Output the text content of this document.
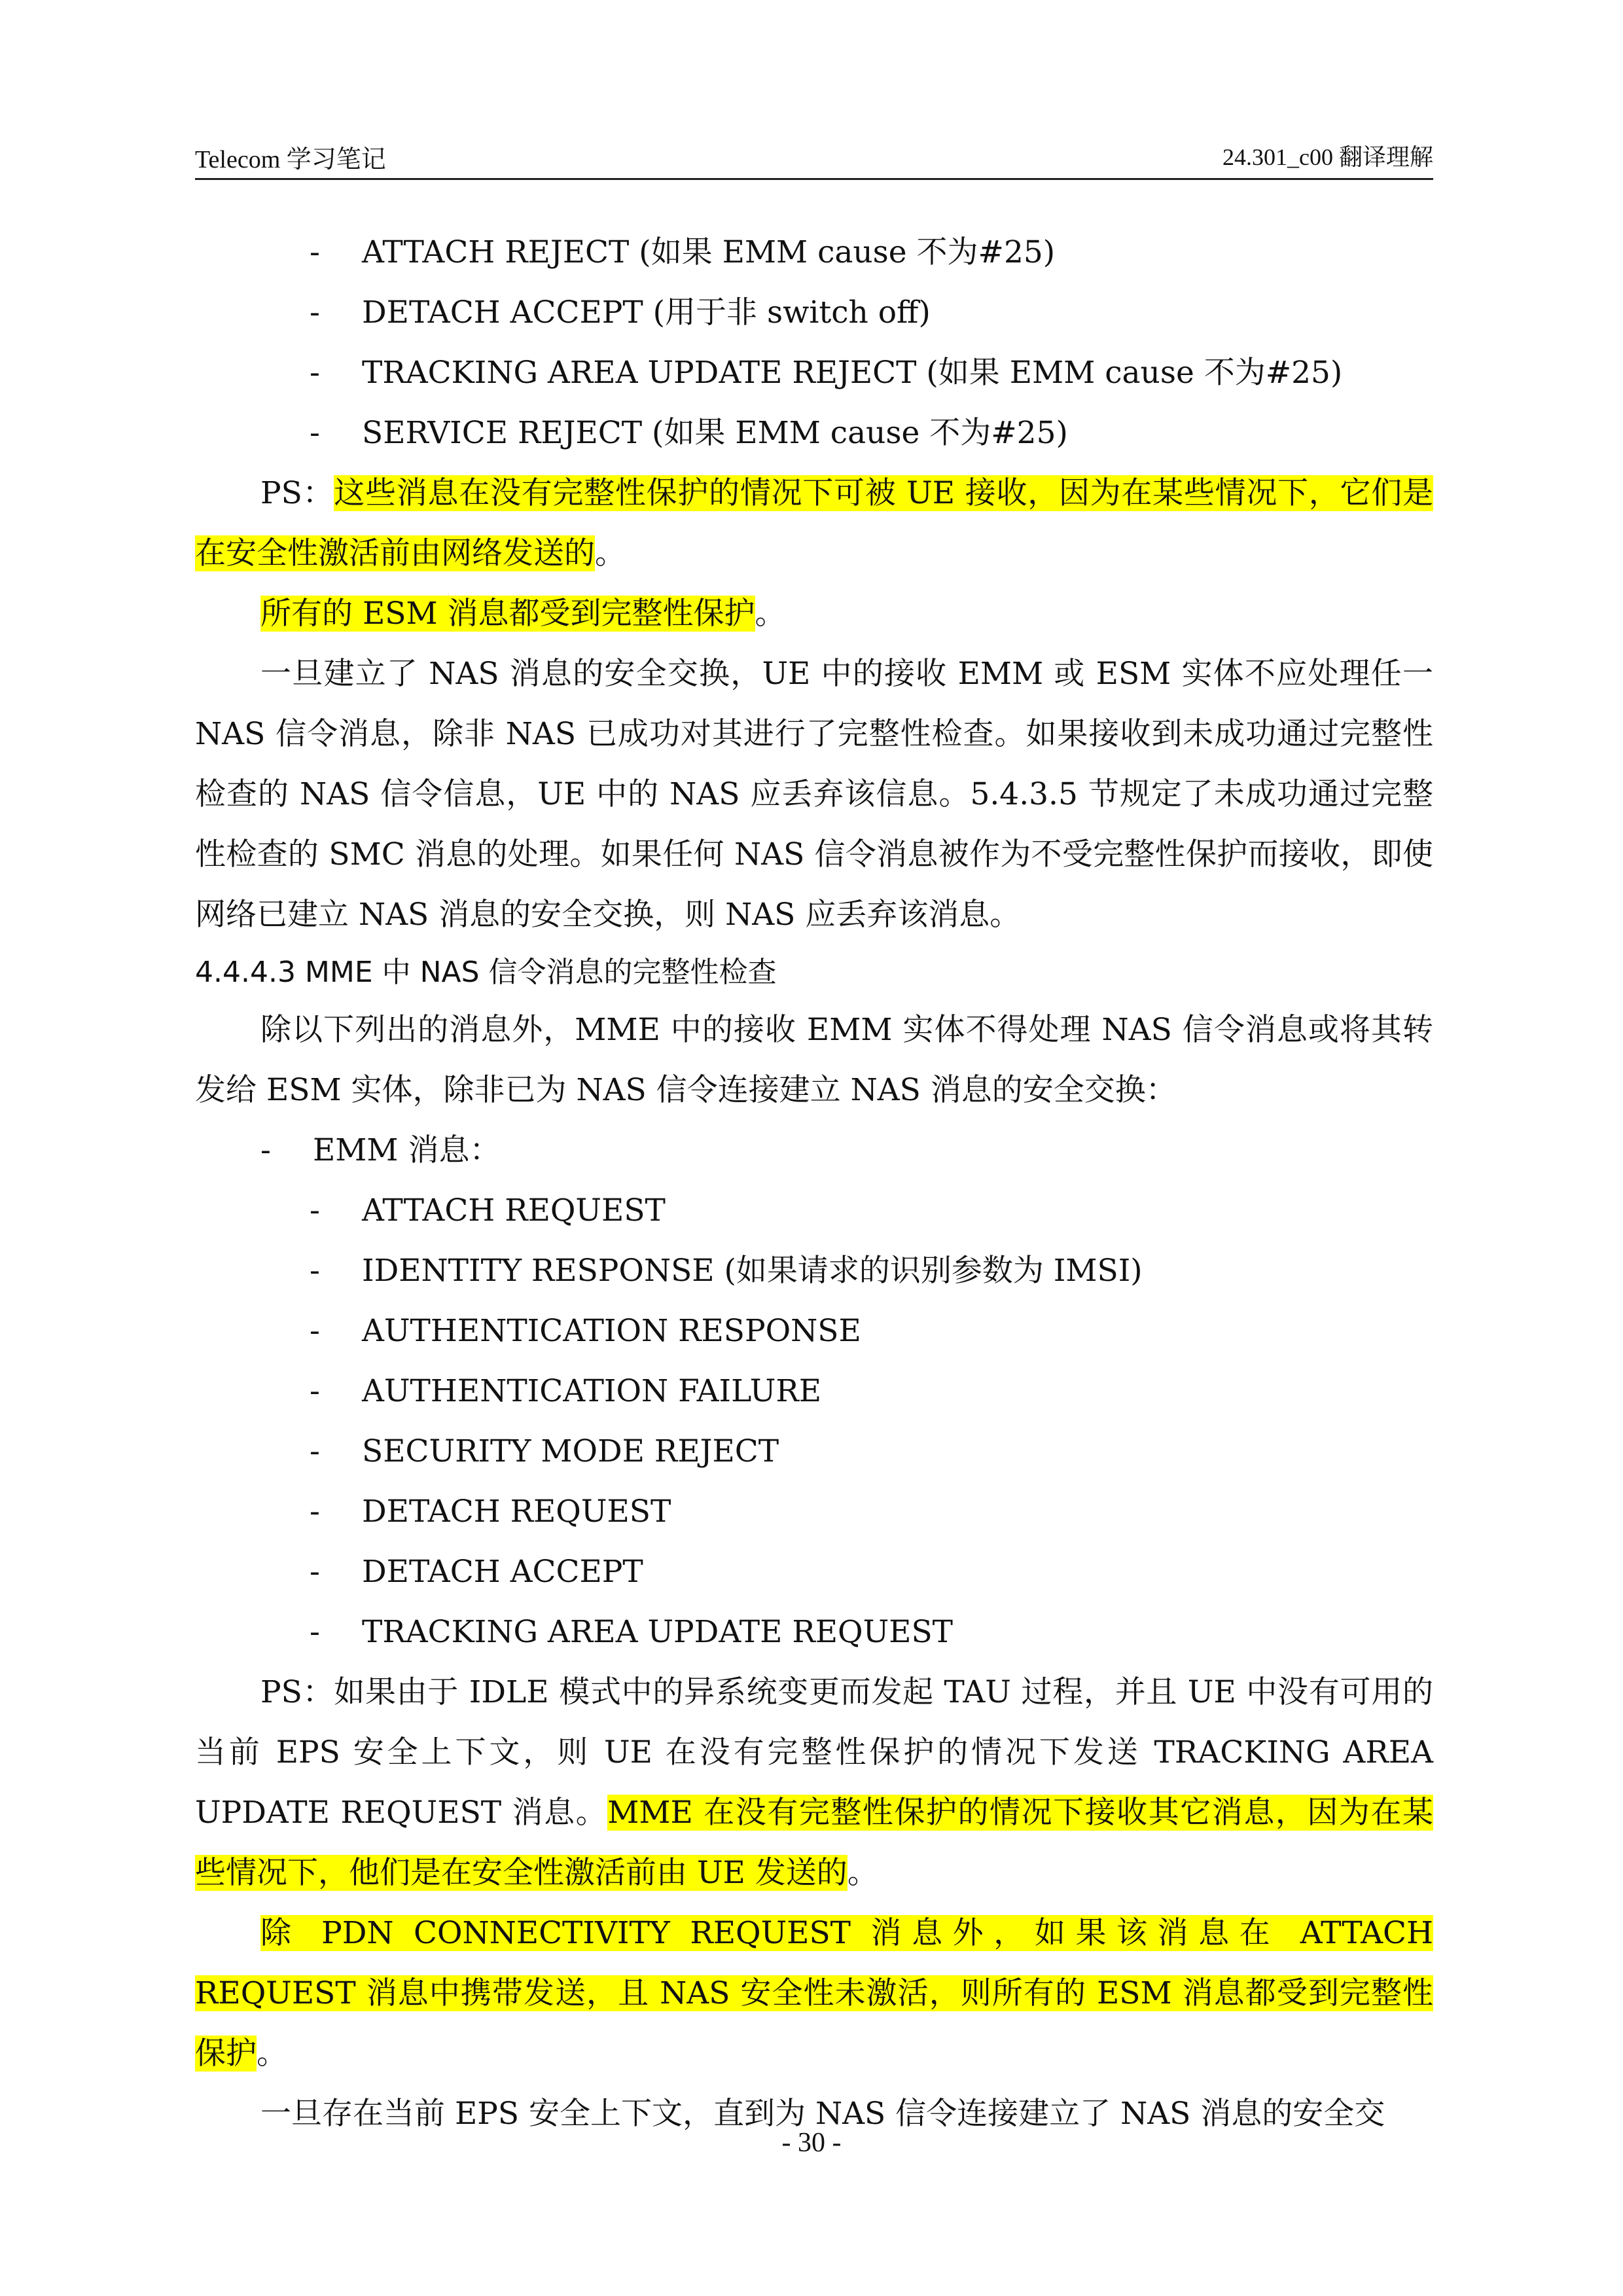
Telecom 学习笔记	24.301_c00 翻译理解
- ATTACH REJECT (如果 EMM cause 不为#25)
- DETACH ACCEPT (用于非 switch off)
- TRACKING AREA UPDATE REJECT (如果 EMM cause 不为#25)
- SERVICE REJECT (如果 EMM cause 不为#25)
PS：这些消息在没有完整性保护的情况下可被 UE 接收，因为在某些情况下，它们是在安全性激活前由网络发送的。
所有的 ESM 消息都受到完整性保护。
一旦建立了 NAS 消息的安全交换，UE 中的接收 EMM 或 ESM 实体不应处理任一 NAS 信令消息，除非 NAS 已成功对其进行了完整性检查。如果接收到未成功通过完整性检查的 NAS 信令信息，UE 中的 NAS 应丢弃该信息。5.4.3.5 节规定了未成功通过完整性检查的 SMC 消息的处理。如果任何 NAS 信令消息被作为不受完整性保护而接收，即使网络已建立 NAS 消息的安全交换，则 NAS 应丢弃该消息。
4.4.4.3 MME 中 NAS 信令消息的完整性检查
除以下列出的消息外，MME 中的接收 EMM 实体不得处理 NAS 信令消息或将其转发给 ESM 实体，除非已为 NAS 信令连接建立 NAS 消息的安全交换：
- EMM 消息：
- ATTACH REQUEST
- IDENTITY RESPONSE (如果请求的识别参数为 IMSI)
- AUTHENTICATION RESPONSE
- AUTHENTICATION FAILURE
- SECURITY MODE REJECT
- DETACH REQUEST
- DETACH ACCEPT
- TRACKING AREA UPDATE REQUEST
PS：如果由于 IDLE 模式中的异系统变更而发起 TAU 过程，并且 UE 中没有可用的当前 EPS 安全上下文，则 UE 在没有完整性保护的情况下发送 TRACKING AREA UPDATE REQUEST 消息。MME 在没有完整性保护的情况下接收其它消息，因为在某些情况下，他们是在安全性激活前由 UE 发送的。
除 PDN CONNECTIVITY REQUEST 消息外，如果该消息在 ATTACH REQUEST 消息中携带发送，且 NAS 安全性未激活，则所有的 ESM 消息都受到完整性保护。
一旦存在当前 EPS 安全上下文，直到为 NAS 信令连接建立了 NAS 消息的安全交
- 30 -
